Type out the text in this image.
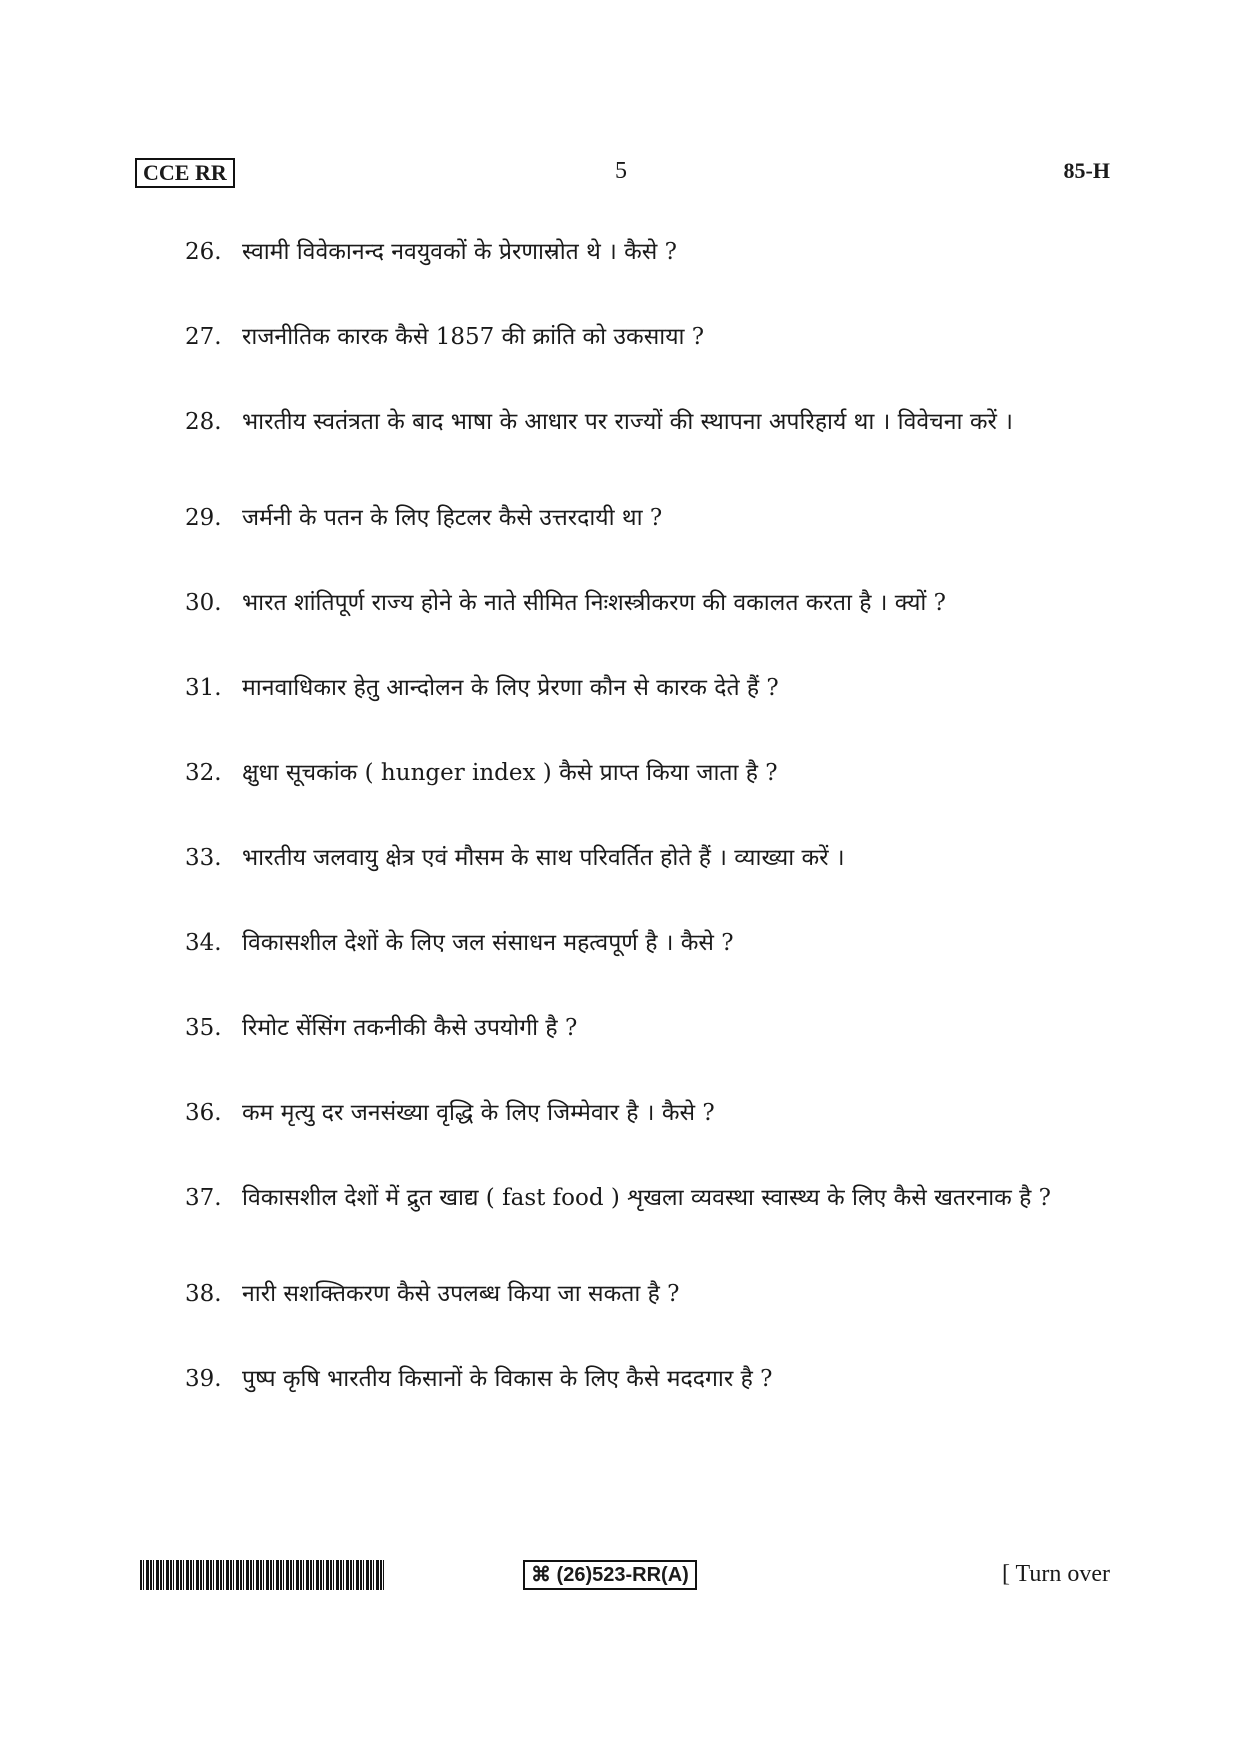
CCE RR	5	85-H
26. स्वामी विवेकानन्द नवयुवकों के प्रेरणास्रोत थे । कैसे ?
27. राजनीतिक कारक कैसे 1857 की क्रांति को उकसाया ?
28. भारतीय स्वतंत्रता के बाद भाषा के आधार पर राज्यों की स्थापना अपरिहार्य था । विवेचना करें ।
29. जर्मनी के पतन के लिए हिटलर कैसे उत्तरदायी था ?
30. भारत शांतिपूर्ण राज्य होने के नाते सीमित निःशस्त्रीकरण की वकालत करता है । क्यों ?
31. मानवाधिकार हेतु आन्दोलन के लिए प्रेरणा कौन से कारक देते हैं ?
32. क्षुधा सूचकांक ( hunger index ) कैसे प्राप्त किया जाता है ?
33. भारतीय जलवायु क्षेत्र एवं मौसम के साथ परिवर्तित होते हैं । व्याख्या करें ।
34. विकासशील देशों के लिए जल संसाधन महत्वपूर्ण है । कैसे ?
35. रिमोट सेंसिंग तकनीकी कैसे उपयोगी है ?
36. कम मृत्यु दर जनसंख्या वृद्धि के लिए जिम्मेवार है । कैसे ?
37. विकासशील देशों में द्रुत खाद्य ( fast food ) शृखला व्यवस्था स्वास्थ्य के लिए कैसे खतरनाक है ?
38. नारी सशक्तिकरण कैसे उपलब्ध किया जा सकता है ?
39. पुष्प कृषि भारतीय किसानों के विकास के लिए कैसे मददगार है ?
⌘ (26)523-RR(A)	[ Turn over
